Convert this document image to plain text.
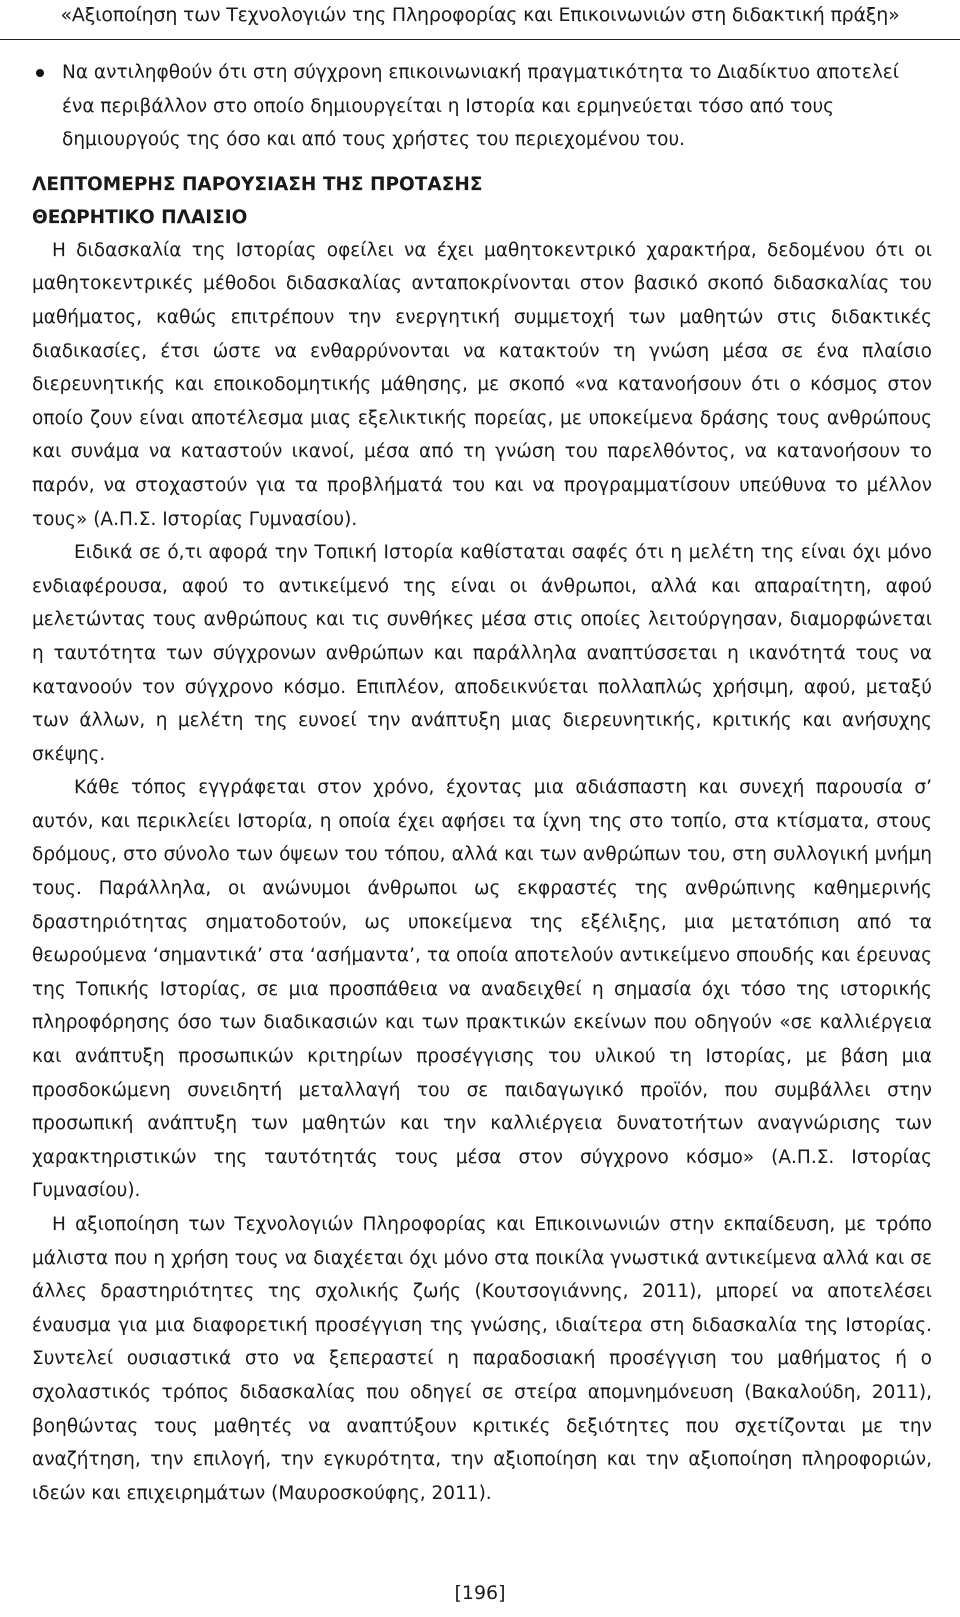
«Αξιοποίηση των Τεχνολογιών της Πληροφορίας και Επικοινωνιών στη διδακτική πράξη»
Να αντιληφθούν ότι στη σύγχρονη επικοινωνιακή πραγματικότητα το Διαδίκτυο αποτελεί ένα περιβάλλον στο οποίο δημιουργείται η Ιστορία και ερμηνεύεται τόσο από τους δημιουργούς της όσο και από τους χρήστες του περιεχομένου του.

ΛΕΠΤΟΜΕΡΗΣ ΠΑΡΟΥΣΙΑΣΗ ΤΗΣ ΠΡΟΤΑΣΗΣ

ΘΕΩΡΗΤΙΚΟ ΠΛΑΙΣΙΟ

Η διδασκαλία της Ιστορίας οφείλει να έχει μαθητοκεντρικό χαρακτήρα, δεδομένου ότι οι μαθητοκεντρικές μέθοδοι διδασκαλίας ανταποκρίνονται στον βασικό σκοπό διδασκαλίας του μαθήματος, καθώς επιτρέπουν την ενεργητική συμμετοχή των μαθητών στις διδακτικές διαδικασίες, έτσι ώστε να ενθαρρύνονται να κατακτούν τη γνώση μέσα σε ένα πλαίσιο διερευνητικής και εποικοδομητικής μάθησης, με σκοπό «να κατανοήσουν ότι ο κόσμος στον οποίο ζουν είναι αποτέλεσμα μιας εξελικτικής πορείας, με υποκείμενα δράσης τους ανθρώπους και συνάμα να καταστούν ικανοί, μέσα από τη γνώση του παρελθόντος, να κατανοήσουν το παρόν, να στοχαστούν για τα προβλήματά του και να προγραμματίσουν υπεύθυνα το μέλλον τους» (Α.Π.Σ. Ιστορίας Γυμνασίου).

Ειδικά σε ό,τι αφορά την Τοπική Ιστορία καθίσταται σαφές ότι η μελέτη της είναι όχι μόνο ενδιαφέρουσα, αφού το αντικείμενό της είναι οι άνθρωποι, αλλά και απαραίτητη, αφού μελετώντας τους ανθρώπους και τις συνθήκες μέσα στις οποίες λειτούργησαν, διαμορφώνεται η ταυτότητα των σύγχρονων ανθρώπων και παράλληλα αναπτύσσεται η ικανότητά τους να κατανοούν τον σύγχρονο κόσμο. Επιπλέον, αποδεικνύεται πολλαπλώς χρήσιμη, αφού, μεταξύ των άλλων, η μελέτη της ευνοεί την ανάπτυξη μιας διερευνητικής, κριτικής και ανήσυχης σκέψης.

Κάθε τόπος εγγράφεται στον χρόνο, έχοντας μια αδιάσπαστη και συνεχή παρουσία σ’ αυτόν, και περικλείει Ιστορία, η οποία έχει αφήσει τα ίχνη της στο τοπίο, στα κτίσματα, στους δρόμους, στο σύνολο των όψεων του τόπου, αλλά και των ανθρώπων του, στη συλλογική μνήμη τους. Παράλληλα, οι ανώνυμοι άνθρωποι ως εκφραστές της ανθρώπινης καθημερινής δραστηριότητας σηματοδοτούν, ως υποκείμενα της εξέλιξης, μια μετατόπιση από τα θεωρούμενα ‘σημαντικά’ στα ‘ασήμαντα’, τα οποία αποτελούν αντικείμενο σπουδής και έρευνας της Τοπικής Ιστορίας, σε μια προσπάθεια να αναδειχθεί η σημασία όχι τόσο της ιστορικής πληροφόρησης όσο των διαδικασιών και των πρακτικών εκείνων που οδηγούν «σε καλλιέργεια και ανάπτυξη προσωπικών κριτηρίων προσέγγισης του υλικού τη Ιστορίας, με βάση μια προσδοκώμενη συνειδητή μεταλλαγή του σε παιδαγωγικό προϊόν, που συμβάλλει στην προσωπική ανάπτυξη των μαθητών και την καλλιέργεια δυνατοτήτων αναγνώρισης των χαρακτηριστικών της ταυτότητάς τους μέσα στον σύγχρονο κόσμο» (Α.Π.Σ. Ιστορίας Γυμνασίου).

Η αξιοποίηση των Τεχνολογιών Πληροφορίας και Επικοινωνιών στην εκπαίδευση, με τρόπο μάλιστα που η χρήση τους να διαχέεται όχι μόνο στα ποικίλα γνωστικά αντικείμενα αλλά και σε άλλες δραστηριότητες της σχολικής ζωής (Κουτσογιάννης, 2011), μπορεί να αποτελέσει έναυσμα για μια διαφορετική προσέγγιση της γνώσης, ιδιαίτερα στη διδασκαλία της Ιστορίας. Συντελεί ουσιαστικά στο να ξεπεραστεί η παραδοσιακή προσέγγιση του μαθήματος ή ο σχολαστικός τρόπος διδασκαλίας που οδηγεί σε στείρα απομνημόνευση (Βακαλούδη, 2011), βοηθώντας τους μαθητές να αναπτύξουν κριτικές δεξιότητες που σχετίζονται με την αναζήτηση, την επιλογή, την εγκυρότητα, την αξιοποίηση και την αξιοποίηση πληροφοριών, ιδεών και επιχειρημάτων (Μαυροσκούφης, 2011).

[196]
